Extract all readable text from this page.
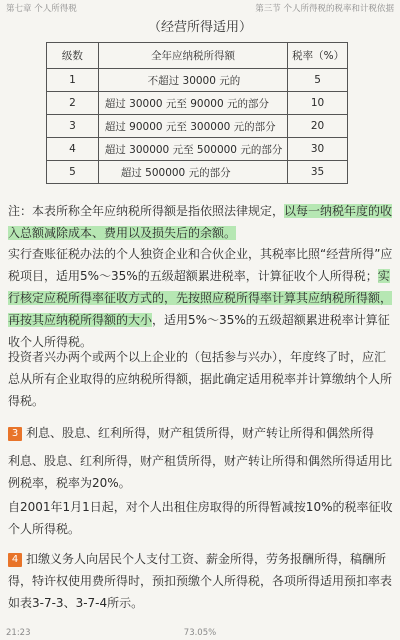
第七章 个人所得税	第三节 个人所得税的税率和计税依据
（经营所得适用）
级数	全年应纳税所得额	税率（%）
1	不超过 30000 元的	5
2	超过 30000 元至 90000 元的部分	10
3	超过 90000 元至 300000 元的部分	20
4	超过 300000 元至 500000 元的部分	30
5	超过 500000 元的部分	35

注：本表所称全年应纳税所得额是指依照法律规定，以每一纳税年度的收入总额减除成本、费用以及损失后的余额。

实行查账征税办法的个人独资企业和合伙企业，其税率比照“经营所得”应税项目，适用5%～35%的五级超额累进税率，计算征收个人所得税；实行核定应税所得率征收方式的，先按照应税所得率计算其应纳税所得额，再按其应纳税所得额的大小，适用5%～35%的五级超额累进税率计算征收个人所得税。

投资者兴办两个或两个以上企业的（包括参与兴办），年度终了时，应汇总从所有企业取得的应纳税所得额，据此确定适用税率并计算缴纳个人所得税。

3 利息、股息、红利所得，财产租赁所得，财产转让所得和偶然所得

利息、股息、红利所得，财产租赁所得，财产转让所得和偶然所得适用比例税率，税率为20%。

自2001年1月1日起，对个人出租住房取得的所得暂减按10%的税率征收个人所得税。

4 扣缴义务人向居民个人支付工资、薪金所得，劳务报酬所得，稿酬所得，特许权使用费所得时，预扣预缴个人所得税，各项所得适用预扣率表如表3-7-3、3-7-4所示。

21:23	73.05%
